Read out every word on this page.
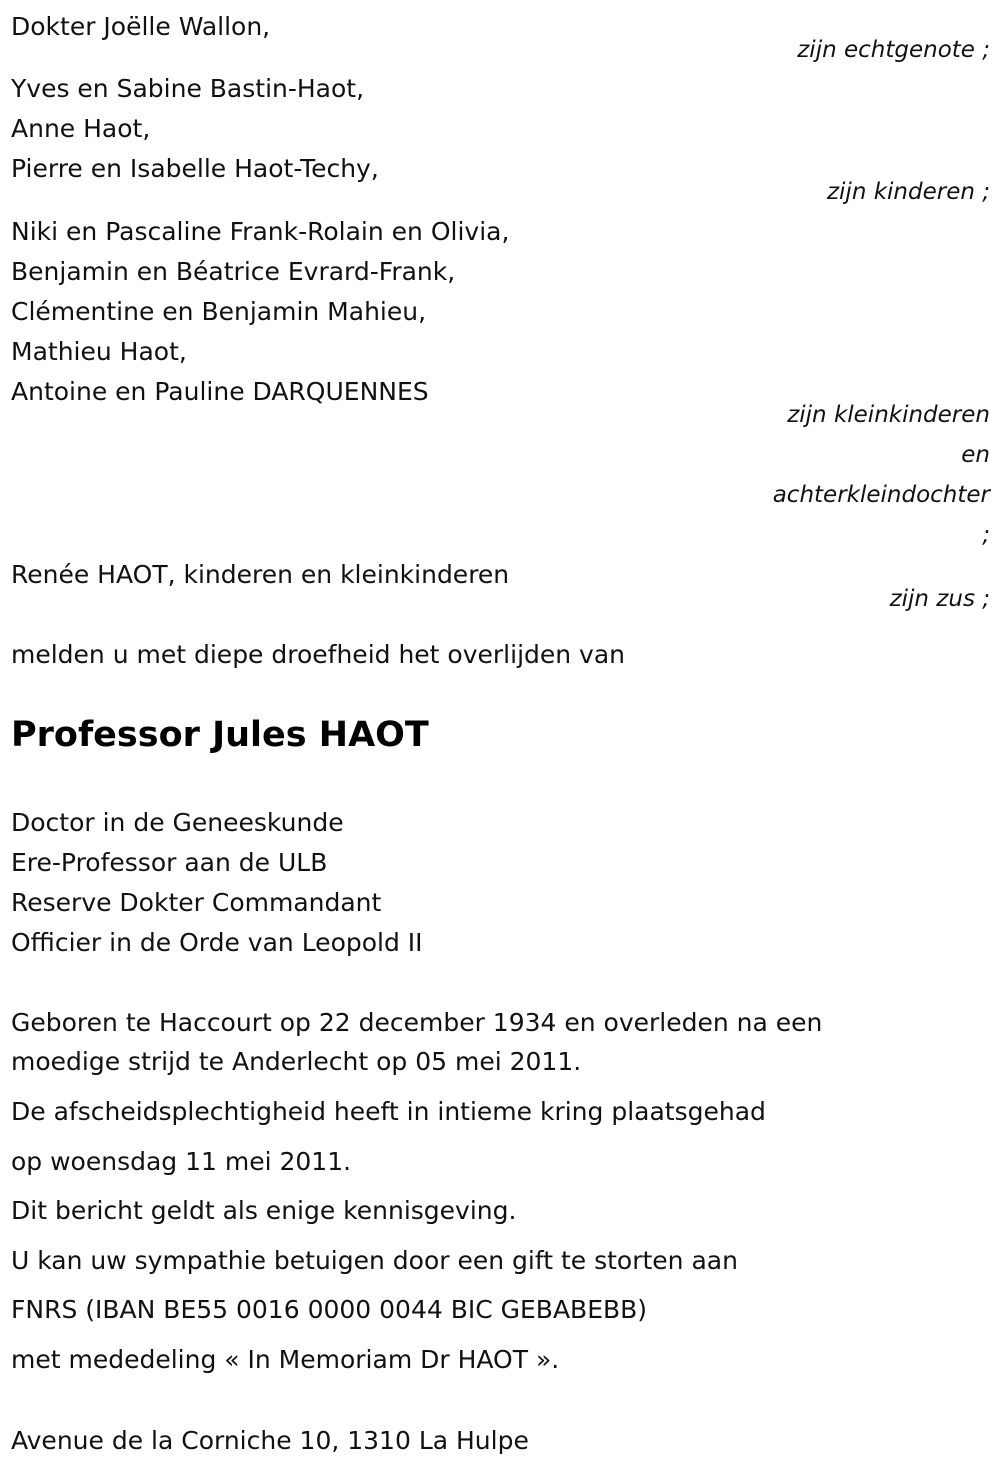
Dokter Joëlle Wallon,
zijn echtgenote ;
Yves en Sabine Bastin-Haot,
Anne Haot,
Pierre en Isabelle Haot-Techy,
zijn kinderen ;
Niki en Pascaline Frank-Rolain en Olivia,
Benjamin en Béatrice Evrard-Frank,
Clémentine en Benjamin Mahieu,
Mathieu Haot,
Antoine en Pauline DARQUENNES
zijn kleinkinderen
en
achterkleindochter
;
Renée HAOT, kinderen en kleinkinderen
zijn zus ;
melden u met diepe droefheid het overlijden van
Professor Jules HAOT
Doctor in de Geneeskunde
Ere-Professor aan de ULB
Reserve Dokter Commandant
Officier in de Orde van Leopold II
Geboren te Haccourt op 22 december 1934 en overleden na een
moedige strijd te Anderlecht op 05 mei 2011.
De afscheidsplechtigheid heeft in intieme kring plaatsgehad
op woensdag 11 mei 2011.
Dit bericht geldt als enige kennisgeving.
U kan uw sympathie betuigen door een gift te storten aan
FNRS (IBAN BE55 0016 0000 0044 BIC GEBABEBB)
met mededeling « In Memoriam Dr HAOT ».
Avenue de la Corniche 10, 1310 La Hulpe
